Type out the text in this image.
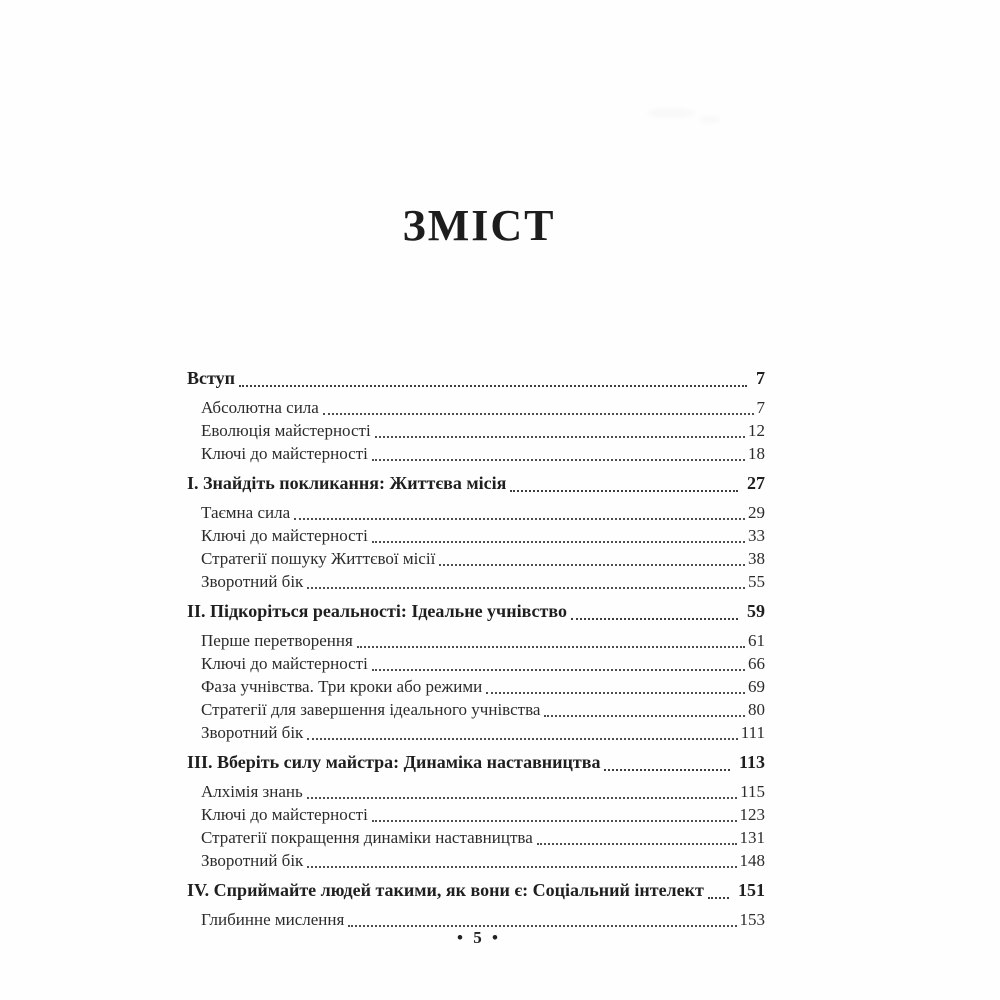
ЗМІСТ
Вступ	7
Абсолютна сила	7
Еволюція майстерності	12
Ключі до майстерності	18
І. Знайдіть покликання: Життєва місія	27
Таємна сила	29
Ключі до майстерності	33
Стратегії пошуку Життєвої місії	38
Зворотний бік	55
ІІ. Підкоріться реальності: Ідеальне учнівство	59
Перше перетворення	61
Ключі до майстерності	66
Фаза учнівства. Три кроки або режими	69
Стратегії для завершення ідеального учнівства	80
Зворотний бік	111
ІІІ. Вберіть силу майстра: Динаміка наставництва	113
Алхімія знань	115
Ключі до майстерності	123
Стратегії покращення динаміки наставництва	131
Зворотний бік	148
IV. Сприймайте людей такими, як вони є: Соціальний інтелект 151
Глибинне мислення	153
• 5 •
